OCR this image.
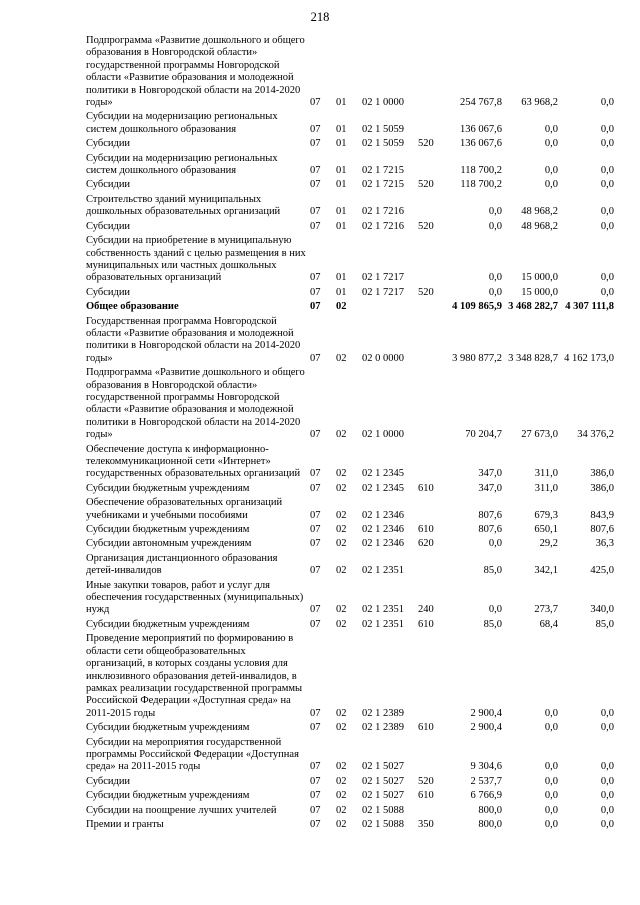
218
Подпрограмма «Развитие дошкольного и общего образования в Новгородской области» государственной программы Новгородской области «Развитие образования и молодежной политики в Новгородской области на 2014-2020 годы»	07	01	02 1 0000		254 767,8	63 968,2	0,0
Субсидии на модернизацию региональных систем дошкольного образования	07	01	02 1 5059		136 067,6	0,0	0,0
Субсидии	07	01	02 1 5059	520	136 067,6	0,0	0,0
Субсидии на модернизацию региональных систем дошкольного образования	07	01	02 1 7215		118 700,2	0,0	0,0
Субсидии	07	01	02 1 7215	520	118 700,2	0,0	0,0
Строительство зданий муниципальных дошкольных образовательных организаций	07	01	02 1 7216		0,0	48 968,2	0,0
Субсидии	07	01	02 1 7216	520	0,0	48 968,2	0,0
Субсидии на приобретение в муниципальную собственность зданий с целью размещения в них муниципальных или частных дошкольных образовательных организаций	07	01	02 1 7217		0,0	15 000,0	0,0
Субсидии	07	01	02 1 7217	520	0,0	15 000,0	0,0
Общее образование	07	02			4 109 865,9	3 468 282,7	4 307 111,8
Государственная программа Новгородской области «Развитие образования и молодежной политики в Новгородской области на 2014-2020 годы»	07	02	02 0 0000		3 980 877,2	3 348 828,7	4 162 173,0
Подпрограмма «Развитие дошкольного и общего образования в Новгородской области» государственной программы Новгородской области «Развитие образования и молодежной политики в Новгородской области на 2014-2020 годы»	07	02	02 1 0000		70 204,7	27 673,0	34 376,2
Обеспечение доступа к информационно-телекоммуникационной сети «Интернет» государственных образовательных организаций	07	02	02 1 2345		347,0	311,0	386,0
Субсидии бюджетным учреждениям	07	02	02 1 2345	610	347,0	311,0	386,0
Обеспечение образовательных организаций учебниками и учебными пособиями	07	02	02 1 2346		807,6	679,3	843,9
Субсидии бюджетным учреждениям	07	02	02 1 2346	610	807,6	650,1	807,6
Субсидии автономным учреждениям	07	02	02 1 2346	620	0,0	29,2	36,3
Организация дистанционного образования детей-инвалидов	07	02	02 1 2351		85,0	342,1	425,0
Иные закупки товаров, работ и услуг для обеспечения государственных (муниципальных) нужд	07	02	02 1 2351	240	0,0	273,7	340,0
Субсидии бюджетным учреждениям	07	02	02 1 2351	610	85,0	68,4	85,0
Проведение мероприятий по формированию в области сети общеобразовательных организаций, в которых созданы условия для инклюзивного образования детей-инвалидов, в рамках реализации государственной программы Российской Федерации «Доступная среда» на 2011-2015 годы	07	02	02 1 2389		2 900,4	0,0	0,0
Субсидии бюджетным учреждениям	07	02	02 1 2389	610	2 900,4	0,0	0,0
Субсидии на мероприятия государственной программы Российской Федерации «Доступная среда» на 2011-2015 годы	07	02	02 1 5027		9 304,6	0,0	0,0
Субсидии	07	02	02 1 5027	520	2 537,7	0,0	0,0
Субсидии бюджетным учреждениям	07	02	02 1 5027	610	6 766,9	0,0	0,0
Субсидии на поощрение лучших учителей	07	02	02 1 5088		800,0	0,0	0,0
Премии и гранты	07	02	02 1 5088	350	800,0	0,0	0,0
